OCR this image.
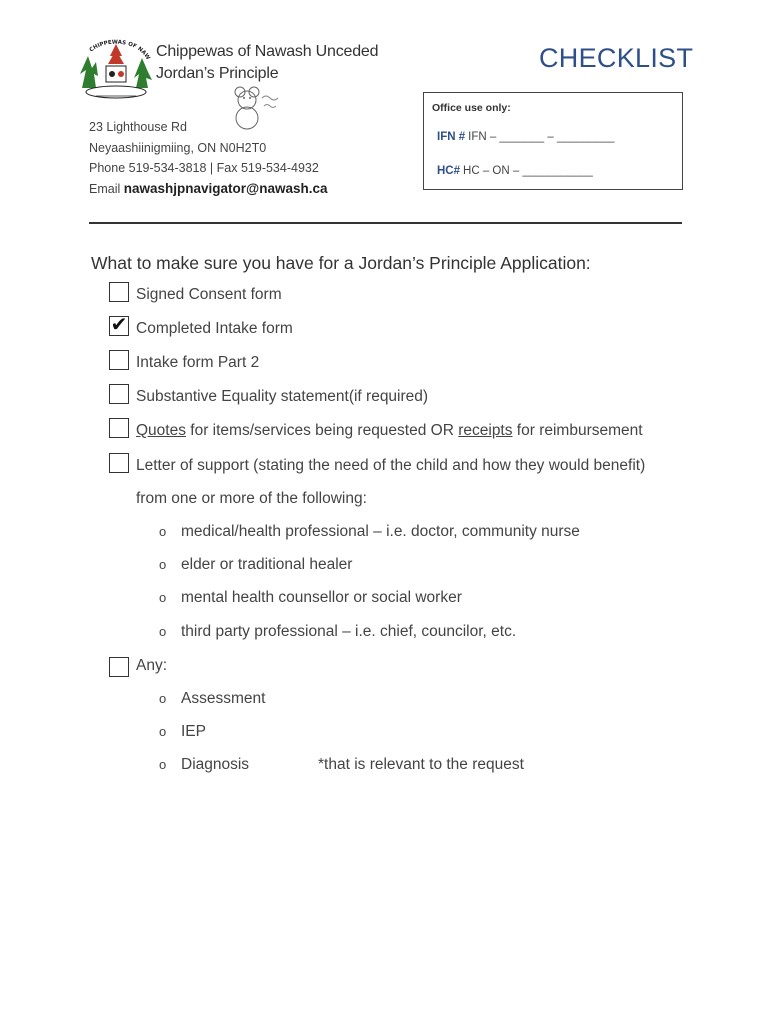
CHIPPEWAS OF NAW Chippewas of Nawash Unceded
Jordan’s Principle
CHECKLIST
23 Lighthouse Rd
Neyaashiinigmiing, ON N0H2T0
Phone 519-534-3818 | Fax 519-534-4932
Email nawashjpnavigator@nawash.ca
Office use only:
IFN # IFN – _______ – _________
HC# HC – ON – ___________
What to make sure you have for a Jordan’s Principle Application:
Signed Consent form
✔ Completed Intake form
Intake form Part 2
Substantive Equality statement(if required)
Quotes for items/services being requested OR receipts for reimbursement
Letter of support (stating the need of the child and how they would benefit)
from one or more of the following:
o medical/health professional – i.e. doctor, community nurse
o elder or traditional healer
o mental health counsellor or social worker
o third party professional – i.e. chief, councilor, etc.
Any:
o Assessment
o IEP
o Diagnosis	*that is relevant to the request
